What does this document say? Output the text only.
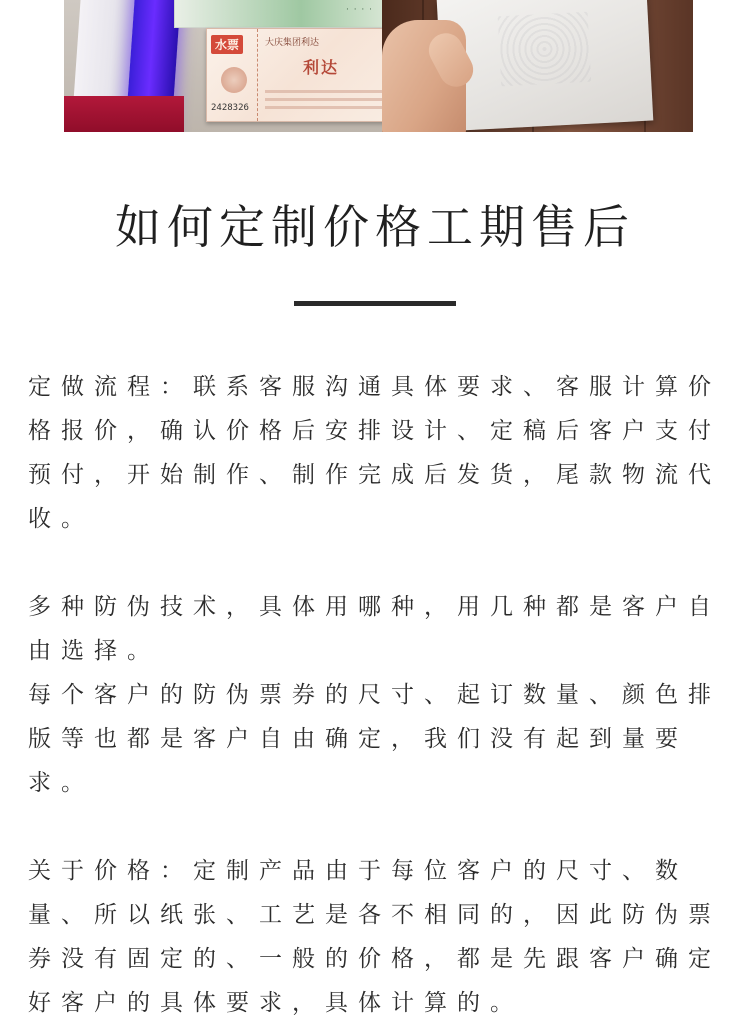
· · · ·
水票
2428326
大庆集团利达
利达
如何定制价格工期售后

定做流程：联系客服沟通具体要求、客服计算价格报价，确认价格后安排设计、定稿后客户支付预付，开始制作、制作完成后发货，尾款物流代收。

多种防伪技术，具体用哪种，用几种都是客户自由选择。

每个客户的防伪票券的尺寸、起订数量、颜色排版等也都是客户自由确定，我们没有起到量要求。

关于价格：定制产品由于每位客户的尺寸、数量、所以纸张、工艺是各不相同的，因此防伪票券没有固定的、一般的价格，都是先跟客户确定好客户的具体要求，具体计算的。
